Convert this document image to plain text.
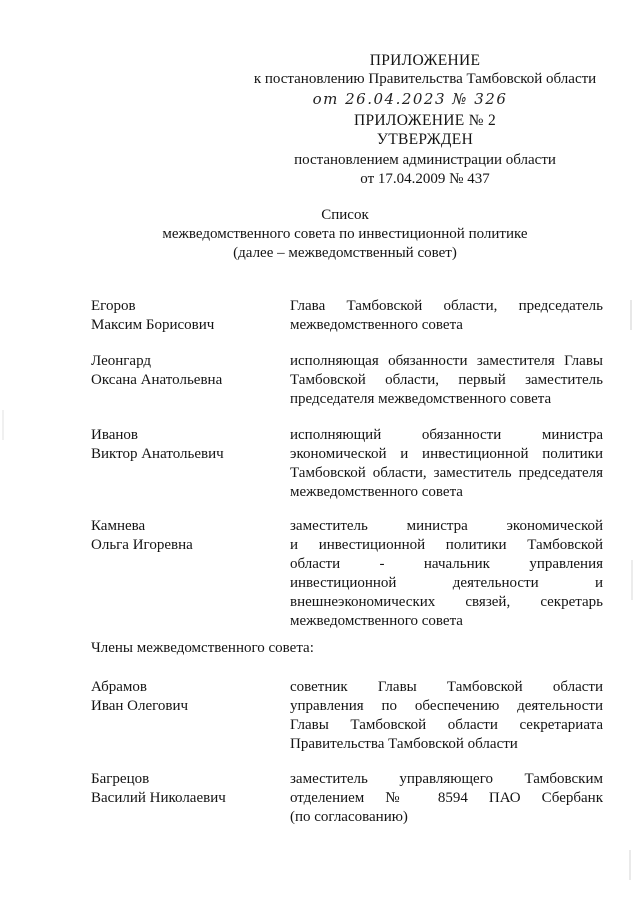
ПРИЛОЖЕНИЕ
к постановлению Правительства Тамбовской области
от 26.04.2023 № 326
ПРИЛОЖЕНИЕ № 2
УТВЕРЖДЕН
постановлением администрации области
от 17.04.2009 № 437
Список
межведомственного совета по инвестиционной политике
(далее – межведомственный совет)
Егоров
Максим Борисович
Глава Тамбовской области, председатель
межведомственного совета
Леонгард
Оксана Анатольевна
исполняющая обязанности заместителя Главы
Тамбовской области, первый заместитель
председателя межведомственного совета
Иванов
Виктор Анатольевич
исполняющий обязанности министра
экономической и инвестиционной политики
Тамбовской области, заместитель председателя
межведомственного совета
Камнева
Ольга Игоревна
заместитель министра экономической
и инвестиционной политики Тамбовской
области - начальник управления
инвестиционной деятельности и
внешнеэкономических связей, секретарь
межведомственного совета
Члены межведомственного совета:
Абрамов
Иван Олегович
советник Главы Тамбовской области
управления по обеспечению деятельности
Главы Тамбовской области секретариата
Правительства Тамбовской области
Багрецов
Василий Николаевич
заместитель управляющего Тамбовским
отделением № 8594 ПАО Сбербанк
(по согласованию)
